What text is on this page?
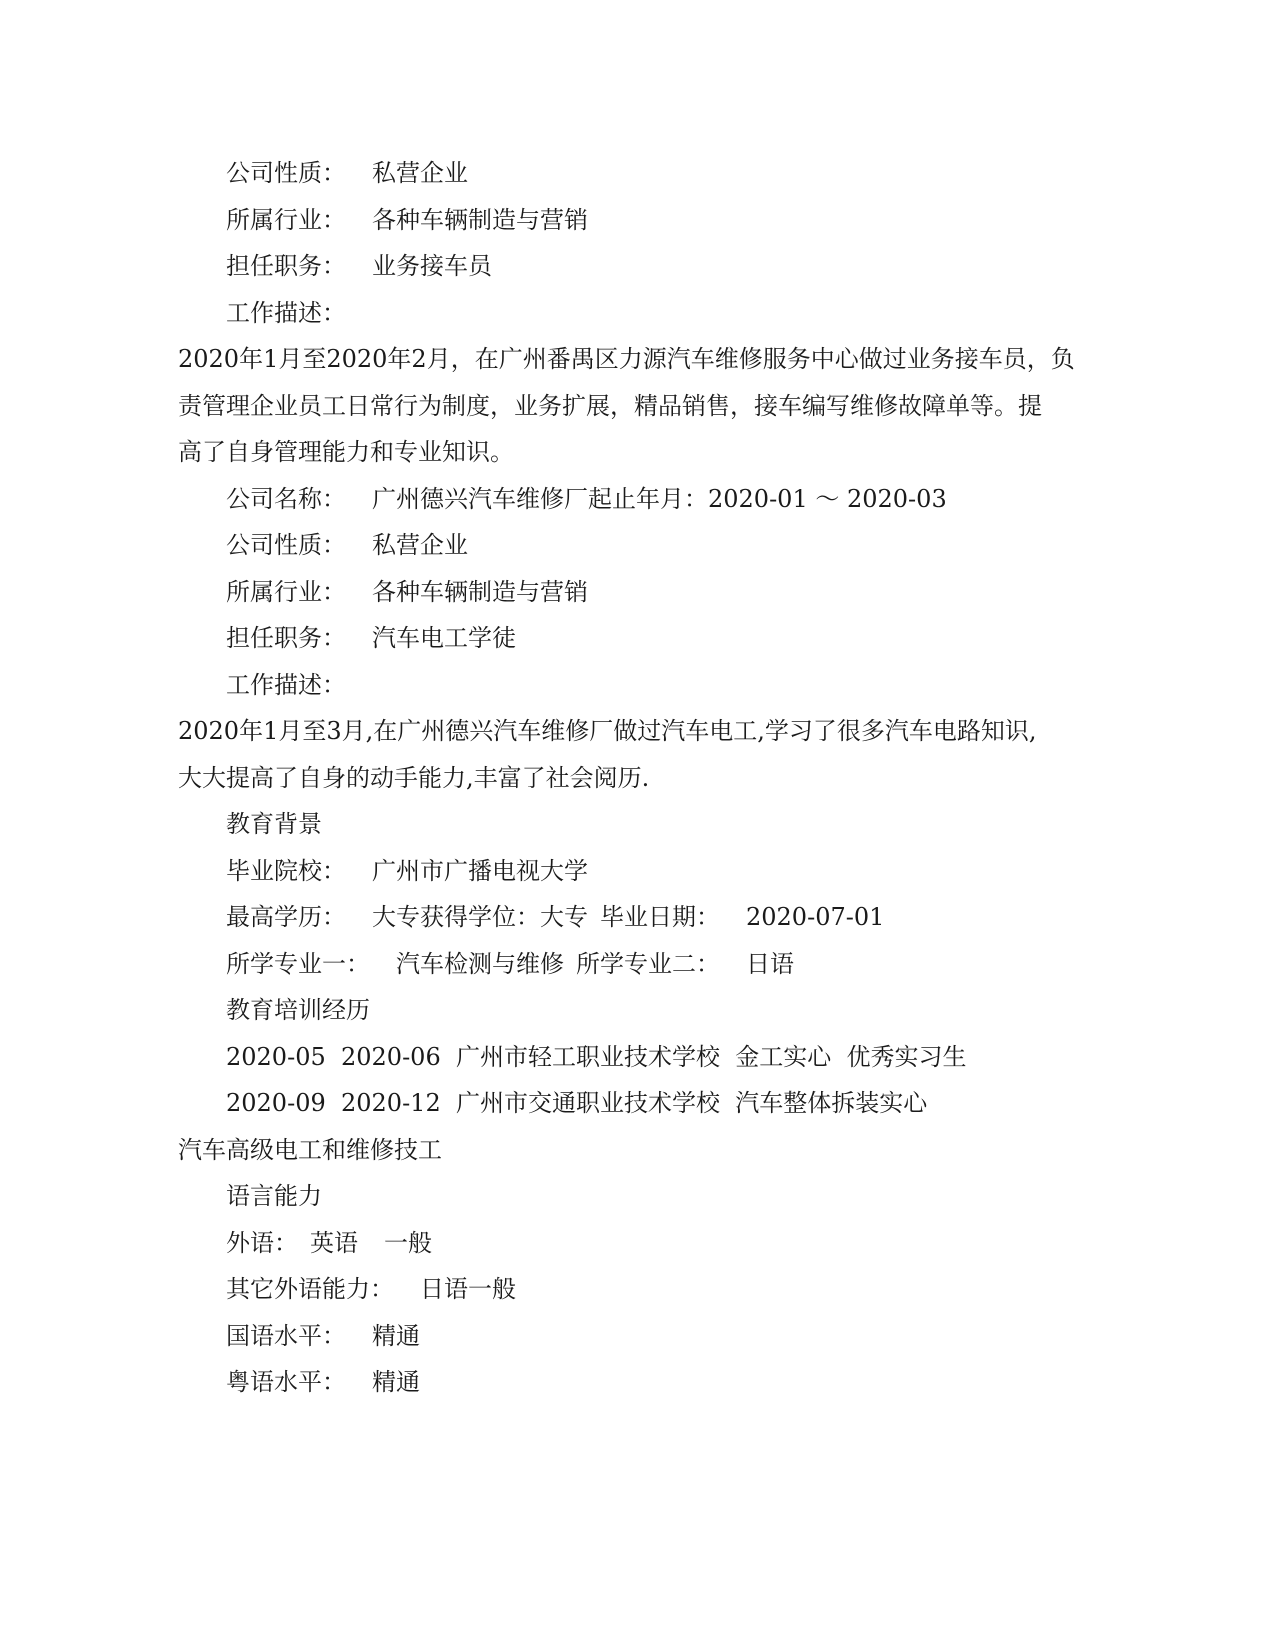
公司性质： 私营企业
所属行业： 各种车辆制造与营销
担任职务： 业务接车员
工作描述：
2020年1月至2020年2月，在广州番禺区力源汽车维修服务中心做过业务接车员，负
责管理企业员工日常行为制度，业务扩展，精品销售，接车编写维修故障单等。提
高了自身管理能力和专业知识。
公司名称： 广州德兴汽车维修厂起止年月：2020-01 ～ 2020-03
公司性质： 私营企业
所属行业： 各种车辆制造与营销
担任职务： 汽车电工学徒
工作描述：
2020年1月至3月,在广州德兴汽车维修厂做过汽车电工,学习了很多汽车电路知识,
大大提高了自身的动手能力,丰富了社会阅历.
教育背景
毕业院校： 广州市广播电视大学
最高学历： 大专获得学位：大专 毕业日期： 2020-07-01
所学专业一： 汽车检测与维修 所学专业二： 日语
教育培训经历
2020-05  2020-06  广州市轻工职业技术学校  金工实心  优秀实习生
2020-09  2020-12  广州市交通职业技术学校  汽车整体拆装实心
汽车高级电工和维修技工
语言能力
外语： 英语 一般
其它外语能力： 日语一般
国语水平： 精通
粤语水平： 精通
